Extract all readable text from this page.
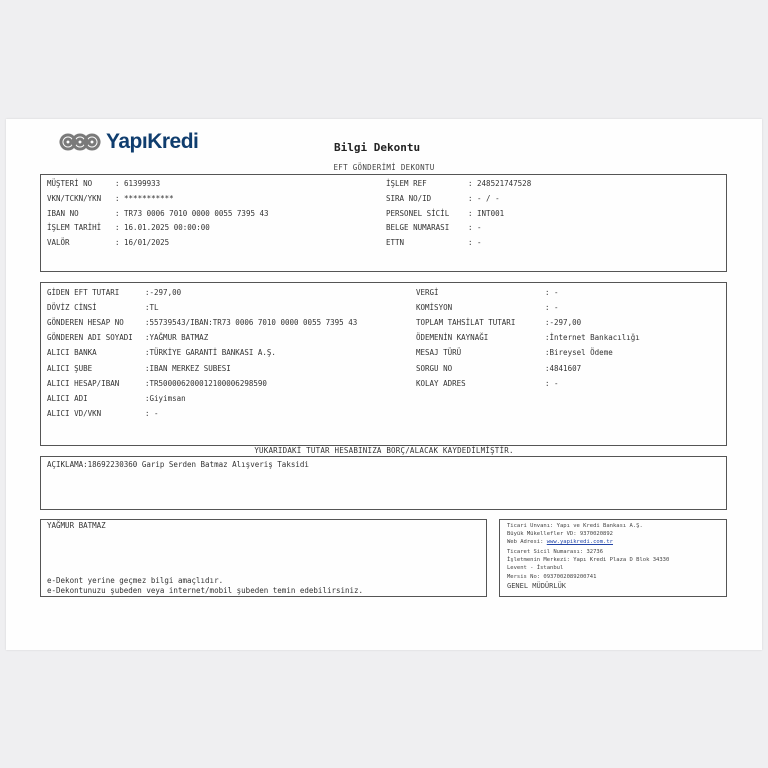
YapıKredi	Bilgi Dekontu
EFT GÖNDERİMİ DEKONTU
MÜŞTERİ NO	: 61399933
VKN/TCKN/YKN : ***********
IBAN NO	: TR73 0006 7010 0000 0055 7395 43
İŞLEM TARİHİ : 16.01.2025 00:00:00
VALÖR	: 16/01/2025
İŞLEM REF	: 248521747528
SIRA NO/ID	: - / -
PERSONEL SİCİL	: INT001
BELGE NUMARASI	: -
ETTN	: -
GİDEN EFT TUTARI	:-297,00
DÖVİZ CİNSİ	:TL
GÖNDEREN HESAP NO	:55739543/IBAN:TR73 0006 7010 0000 0055 7395 43
GÖNDEREN ADI SOYADI :YAĞMUR BATMAZ
ALICI BANKA	:TÜRKİYE GARANTİ BANKASI A.Ş.
ALICI ŞUBE	:IBAN MERKEZ SUBESI
ALICI HESAP/IBAN	:TR500006200012100006298590
ALICI ADI	:Giyimsan
ALICI VD/VKN	: -
VERGİ	: -
KOMİSYON	: -
TOPLAM TAHSİLAT TUTARI	:-297,00
ÖDEMENİN KAYNAĞI	:İnternet Bankacılığı
MESAJ TÜRÜ	:Bireysel Ödeme
SORGU NO	:4841607
KOLAY ADRES	: -
YUKARIDAKİ TUTAR HESABINIZA BORÇ/ALACAK KAYDEDİLMİŞTİR.
AÇIKLAMA:18692230360 Garip Serden Batmaz Alışveriş Taksidi
YAĞMUR BATMAZ
e-Dekont yerine geçmez bilgi amaçlıdır.
e-Dekontunuzu şubeden veya internet/mobil şubeden temin edebilirsiniz.
Ticari Unvanı: Yapı ve Kredi Bankası A.Ş.
Büyük Mükellefler VD: 9370020892
Web Adresi: www.yapikredi.com.tr
Ticaret Sicil Numarası: 32736
İşletmenin Merkezi: Yapı Kredi Plaza D Blok 34330
Levent - İstanbul
Mersis No: 0937002089200741
GENEL MÜDÜRLÜK
